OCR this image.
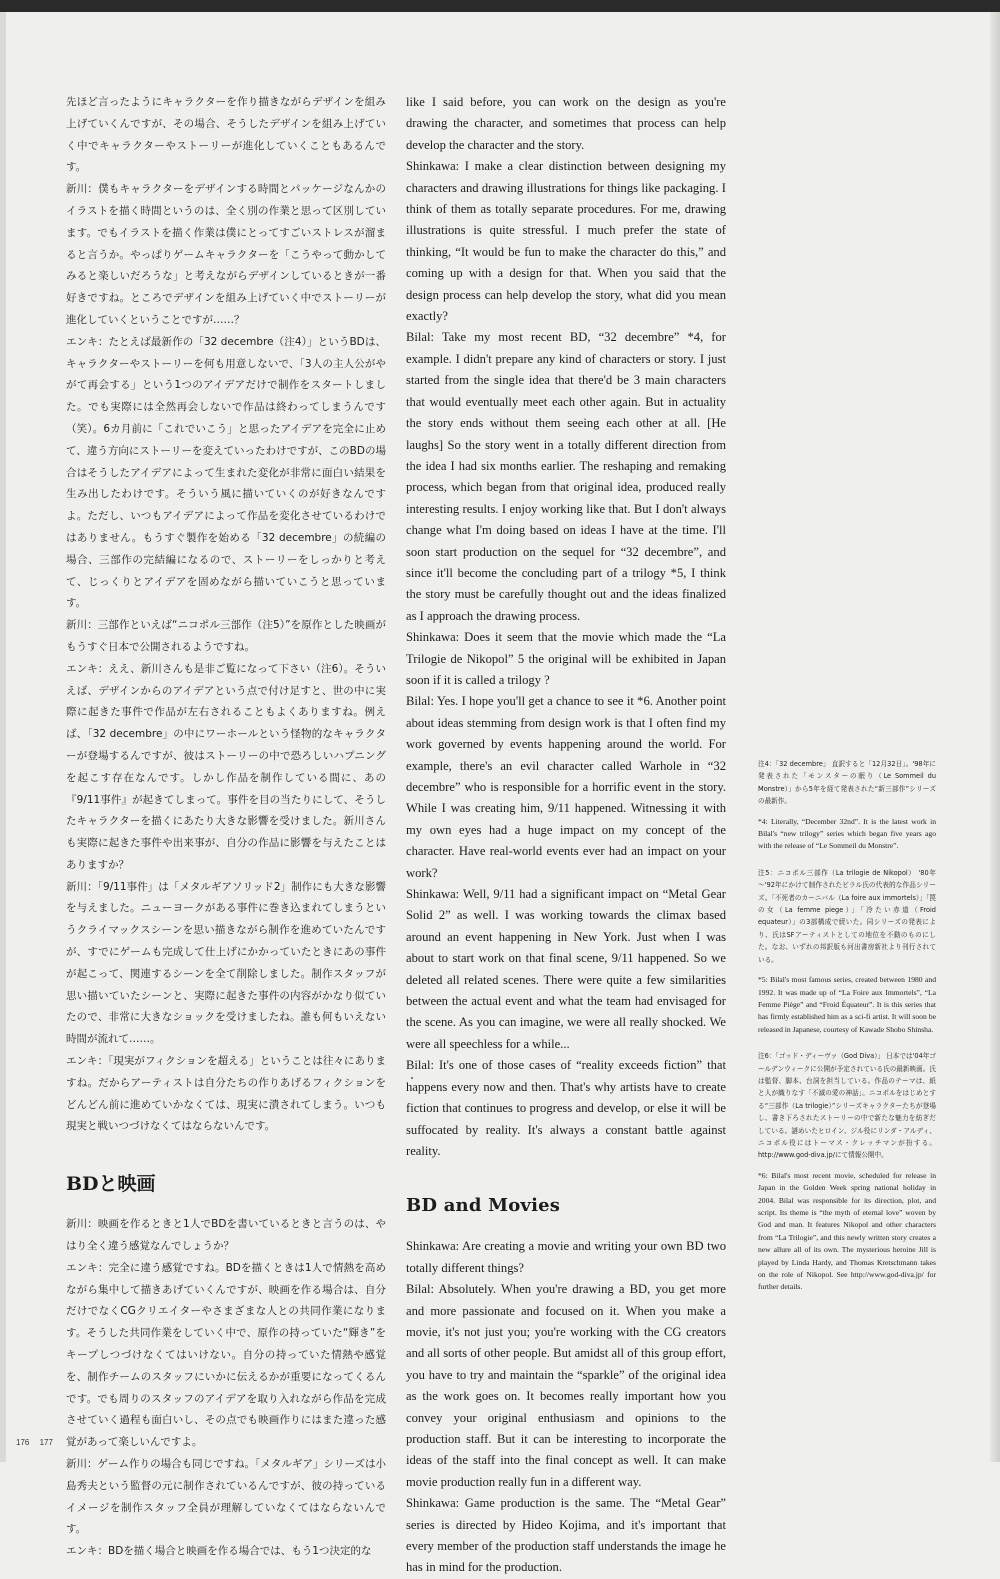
先ほど言ったようにキャラクターを作り描きながらデザインを組み上げていくんですが、その場合、そうしたデザインを組み上げていく中でキャラクターやストーリーが進化していくこともあるんです。

新川：僕もキャラクターをデザインする時間とパッケージなんかのイラストを描く時間というのは、全く別の作業と思って区別しています。でもイラストを描く作業は僕にとってすごいストレスが溜まると言うか。やっぱりゲームキャラクターを「こうやって動かしてみると楽しいだろうな」と考えながらデザインしているときが一番好きですね。ところでデザインを組み上げていく中でストーリーが進化していくということですが……？

エンキ：たとえば最新作の「32 decembre（注4）」というBDは、キャラクターやストーリーを何も用意しないで、「3人の主人公がやがて再会する」という1つのアイデアだけで制作をスタートしました。でも実際には全然再会しないで作品は終わってしまうんです（笑）。6カ月前に「これでいこう」と思ったアイデアを完全に止めて、違う方向にストーリーを変えていったわけですが、このBDの場合はそうしたアイデアによって生まれた変化が非常に面白い結果を生み出したわけです。そういう風に描いていくのが好きなんですよ。ただし、いつもアイデアによって作品を変化させているわけではありません。もうすぐ製作を始める「32 decembre」の続編の場合、三部作の完結編になるので、ストーリーをしっかりと考えて、じっくりとアイデアを固めながら描いていこうと思っています。

新川：三部作といえば“ニコポル三部作（注5）”を原作とした映画がもうすぐ日本で公開されるようですね。

エンキ：ええ、新川さんも是非ご覧になって下さい（注6）。そういえば、デザインからのアイデアという点で付け足すと、世の中に実際に起きた事件で作品が左右されることもよくありますね。例えば、「32 decembre」の中にワーホールという怪物的なキャラクターが登場するんですが、彼はストーリーの中で恐ろしいハプニングを起こす存在なんです。しかし作品を制作している間に、あの『9/11事件』が起きてしまって。事件を目の当たりにして、そうしたキャラクターを描くにあたり大きな影響を受けました。新川さんも実際に起きた事件や出来事が、自分の作品に影響を与えたことはありますか？

新川：「9/11事件」は「メタルギアソリッド2」制作にも大きな影響を与えました。ニューヨークがある事件に巻き込まれてしまうというクライマックスシーンを思い描きながら制作を進めていたんですが、すでにゲームも完成して仕上げにかかっていたときにあの事件が起こって、関連するシーンを全て削除しました。制作スタッフが思い描いていたシーンと、実際に起きた事件の内容がかなり似ていたので、非常に大きなショックを受けましたね。誰も何もいえない時間が流れて……。

エンキ：「現実がフィクションを超える」ということは往々にありますね。だからアーティストは自分たちの作りあげるフィクションをどんどん前に進めていかなくては、現実に潰されてしまう。いつも現実と戦いつづけなくてはならないんです。

BDと映画

新川：映画を作るときと1人でBDを書いているときと言うのは、やはり全く違う感覚なんでしょうか？

エンキ：完全に違う感覚ですね。BDを描くときは1人で情熱を高めながら集中して描きあげていくんですが、映画を作る場合は、自分だけでなくCGクリエイターやさまざまな人との共同作業になります。そうした共同作業をしていく中で、原作の持っていた“輝き”をキープしつづけなくてはいけない。自分の持っていた情熱や感覚を、制作チームのスタッフにいかに伝えるかが重要になってくるんです。でも周りのスタッフのアイデアを取り入れながら作品を完成させていく過程も面白いし、その点でも映画作りにはまた違った感覚があって楽しいんですよ。

新川：ゲーム作りの場合も同じですね。「メタルギア」シリーズは小島秀夫という監督の元に制作されているんですが、彼の持っているイメージを制作スタッフ全員が理解していなくてはならないんです。

エンキ：BDを描く場合と映画を作る場合では、もう1つ決定的な

like I said before, you can work on the design as you're drawing the character, and sometimes that process can help develop the character and the story.

Shinkawa: I make a clear distinction between designing my characters and drawing illustrations for things like packaging. I think of them as totally separate procedures. For me, drawing illustrations is quite stressful. I much prefer the state of thinking, “It would be fun to make the character do this,” and coming up with a design for that. When you said that the design process can help develop the story, what did you mean exactly?

Bilal: Take my most recent BD, “32 decembre” *4, for example. I didn't prepare any kind of characters or story. I just started from the single idea that there'd be 3 main characters that would eventually meet each other again. But in actuality the story ends without them seeing each other at all. [He laughs] So the story went in a totally different direction from the idea I had six months earlier. The reshaping and remaking process, which began from that original idea, produced really interesting results. I enjoy working like that. But I don't always change what I'm doing based on ideas I have at the time. I'll soon start production on the sequel for “32 decembre”, and since it'll become the concluding part of a trilogy *5, I think the story must be carefully thought out and the ideas finalized as I approach the drawing process.

Shinkawa: Does it seem that the movie which made the “La Trilogie de Nikopol” 5 the original will be exhibited in Japan soon if it is called a trilogy ?

Bilal: Yes. I hope you'll get a chance to see it *6. Another point about ideas stemming from design work is that I often find my work governed by events happening around the world. For example, there's an evil character called Warhole in “32 decembre” who is responsible for a horrific event in the story. While I was creating him, 9/11 happened. Witnessing it with my own eyes had a huge impact on my concept of the character. Have real-world events ever had an impact on your work?

Shinkawa: Well, 9/11 had a significant impact on “Metal Gear Solid 2” as well. I was working towards the climax based around an event happening in New York. Just when I was about to start work on that final scene, 9/11 happened. So we deleted all related scenes. There were quite a few similarities between the actual event and what the team had envisaged for the scene. As you can imagine, we were all really shocked. We were all speechless for a while...

Bilal: It's one of those cases of “reality exceeds fiction” that happens every now and then. That's why artists have to create fiction that continues to progress and develop, or else it will be suffocated by reality. It's always a constant battle against reality.

BD and Movies

Shinkawa: Are creating a movie and writing your own BD two totally different things?

Bilal: Absolutely. When you're drawing a BD, you get more and more passionate and focused on it. When you make a movie, it's not just you; you're working with the CG creators and all sorts of other people. But amidst all of this group effort, you have to try and maintain the “sparkle” of the original idea as the work goes on. It becomes really important how you convey your original enthusiasm and opinions to the production staff. But it can be interesting to incorporate the ideas of the staff into the final concept as well. It can make movie production really fun in a different way.

Shinkawa: Game production is the same. The “Metal Gear” series is directed by Hideo Kojima, and it's important that every member of the production staff understands the image he has in mind for the production.

注4：「32 decembre」 直訳すると「12月32日」。'98年に発表された「モンスターの眠り（Le Sommeil du Monstre）」から5年を経て発表された“新三部作”シリーズの最新作。
*4: Literally, “December 32nd”. It is the latest work in Bilal's “new trilogy” series which began five years ago with the release of “Le Sommeil du Monstre”.
注5：ニコポル三部作（La trilogie de Nikopol） '80年～'92年にかけて制作されたビラル氏の代表的な作品シリーズ。「不死者のカーニバル（La foire aux immortels）」「罠の女（La femme piege）」「冷たい赤道（Froid equateur）」の3部構成で続いた。同シリーズの発表により、氏はSFアーティストとしての地位を不動のものにした。なお、いずれの邦訳版も河出書房新社より刊行されている。
*5: Bilal's most famous series, created between 1980 and 1992. It was made up of “La Foire aux Immortels”, “La Femme Piège” and “Froid Équateur”. It is this series that has firmly established him as a sci-fi artist. It will soon be released in Japanese, courtesy of Kawade Shobo Shinsha.
注6：「ゴッド・ディーヴァ（God Diva）」 日本では'04年ゴールデンウィークに公開が予定されている氏の最新映画。氏は監督、脚本、台詞を担当している。作品のテーマは、紙と人が織りなす「不滅の愛の神話」。ニコポルをはじめとする“三部作（La trilogie）”シリーズキャラクターたちが登場し、書き下ろされたストーリーの中で新たな魅力を紡ぎだしている。謎めいたヒロイン、ジル役にリンダ・アルディ、ニコポル役にはトーマス・クレッチマンが扮する。http://www.god-diva.jp/にて情報公開中。
*6: Bilal's most recent movie, scheduled for release in Japan in the Golden Week spring national holiday in 2004. Bilal was responsible for its direction, plot, and script. Its theme is “the myth of eternal love” woven by God and man. It features Nikopol and other characters from “La Trilogie”, and this newly written story creates a new allure all of its own. The mysterious heroine Jill is played by Linda Hardy, and Thomas Kretschmann takes on the role of Nikopol. See http://www.god-diva.jp/ for further details.
176 177
